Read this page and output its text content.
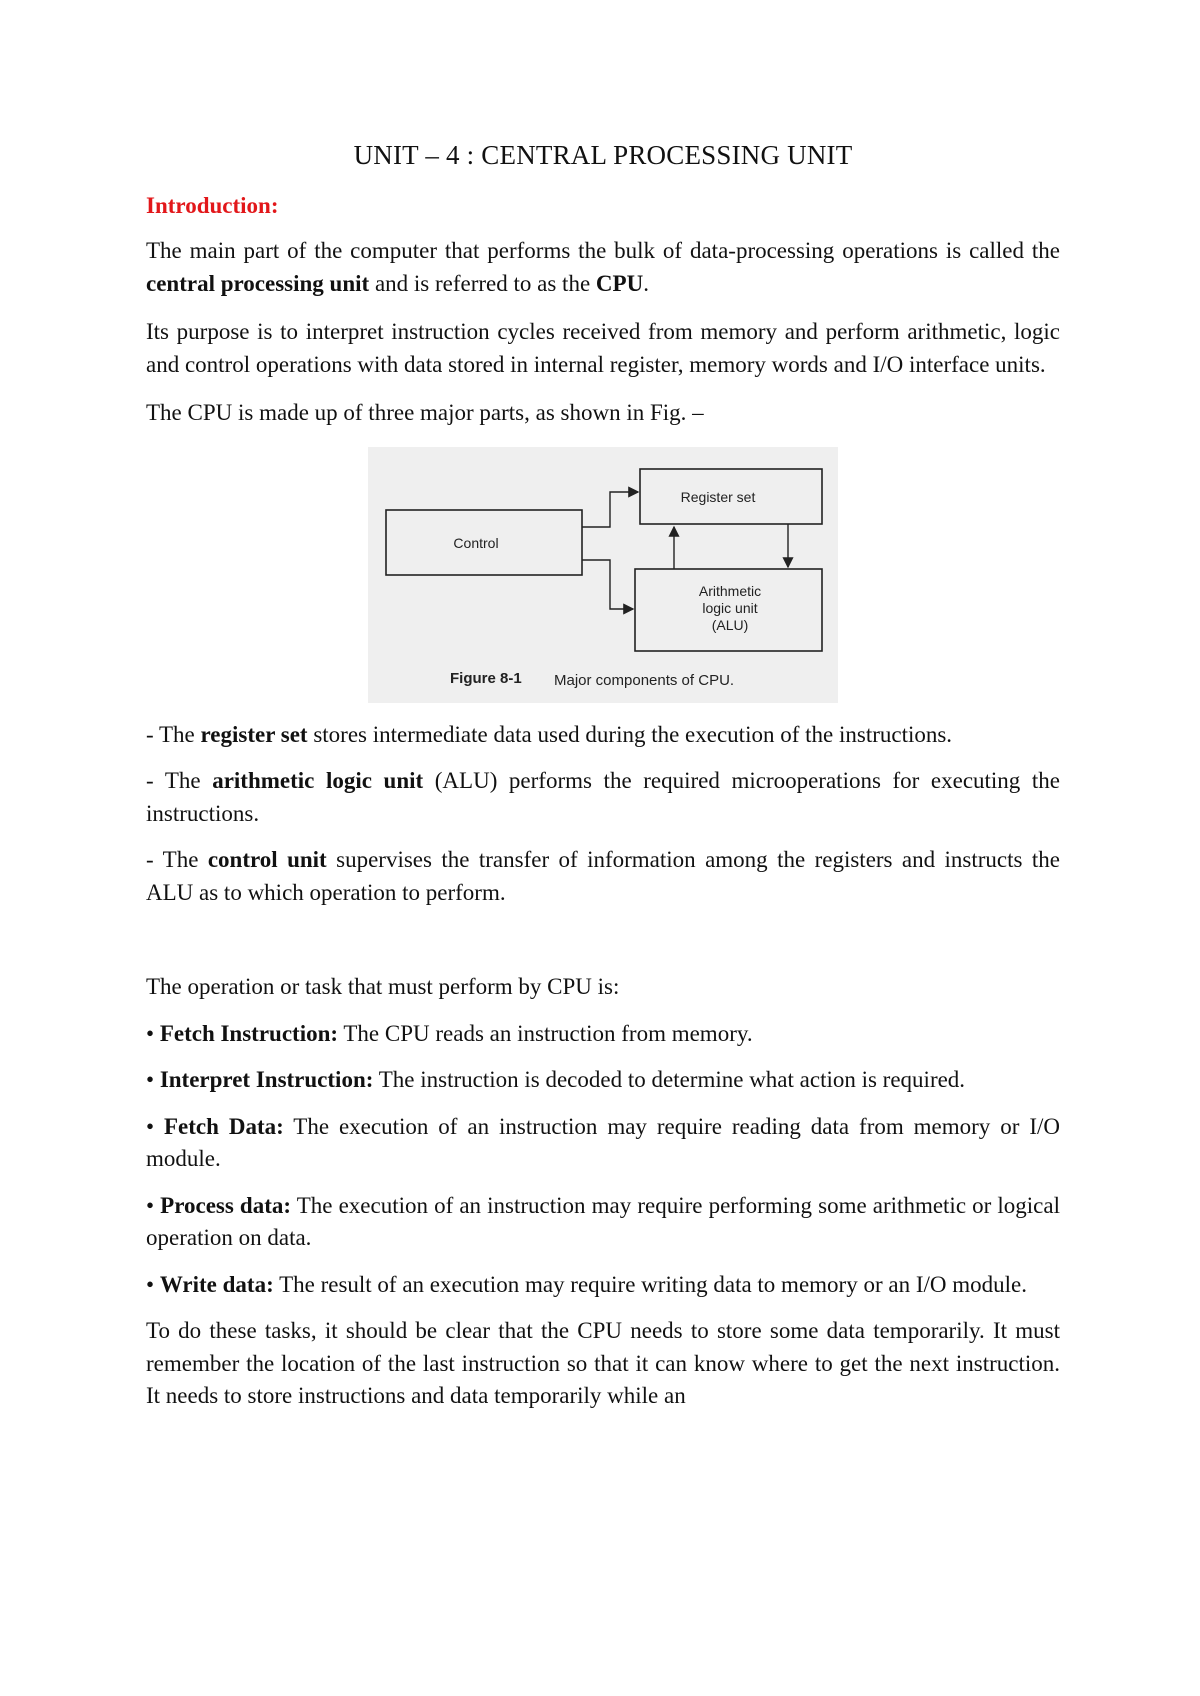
UNIT – 4 : CENTRAL PROCESSING UNIT
Introduction:

The main part of the computer that performs the bulk of data-processing operations is called the central processing unit and is referred to as the CPU.

Its purpose is to interpret instruction cycles received from memory and perform arithmetic, logic and control operations with data stored in internal register, memory words and I/O interface units.

The CPU is made up of three major parts, as shown in Fig. –

Control
Register set
Arithmetic
logic unit
(ALU)
Figure 8-1 Major components of CPU.

- The register set stores intermediate data used during the execution of the instructions.

- The arithmetic logic unit (ALU) performs the required microoperations for executing the instructions.

- The control unit supervises the transfer of information among the registers and instructs the ALU as to which operation to perform.

The operation or task that must perform by CPU is:

• Fetch Instruction: The CPU reads an instruction from memory.

• Interpret Instruction: The instruction is decoded to determine what action is required.

• Fetch Data: The execution of an instruction may require reading data from memory or I/O module.

• Process data: The execution of an instruction may require performing some arithmetic or logical operation on data.

• Write data: The result of an execution may require writing data to memory or an I/O module.

To do these tasks, it should be clear that the CPU needs to store some data temporarily. It must remember the location of the last instruction so that it can know where to get the next instruction. It needs to store instructions and data temporarily while an
